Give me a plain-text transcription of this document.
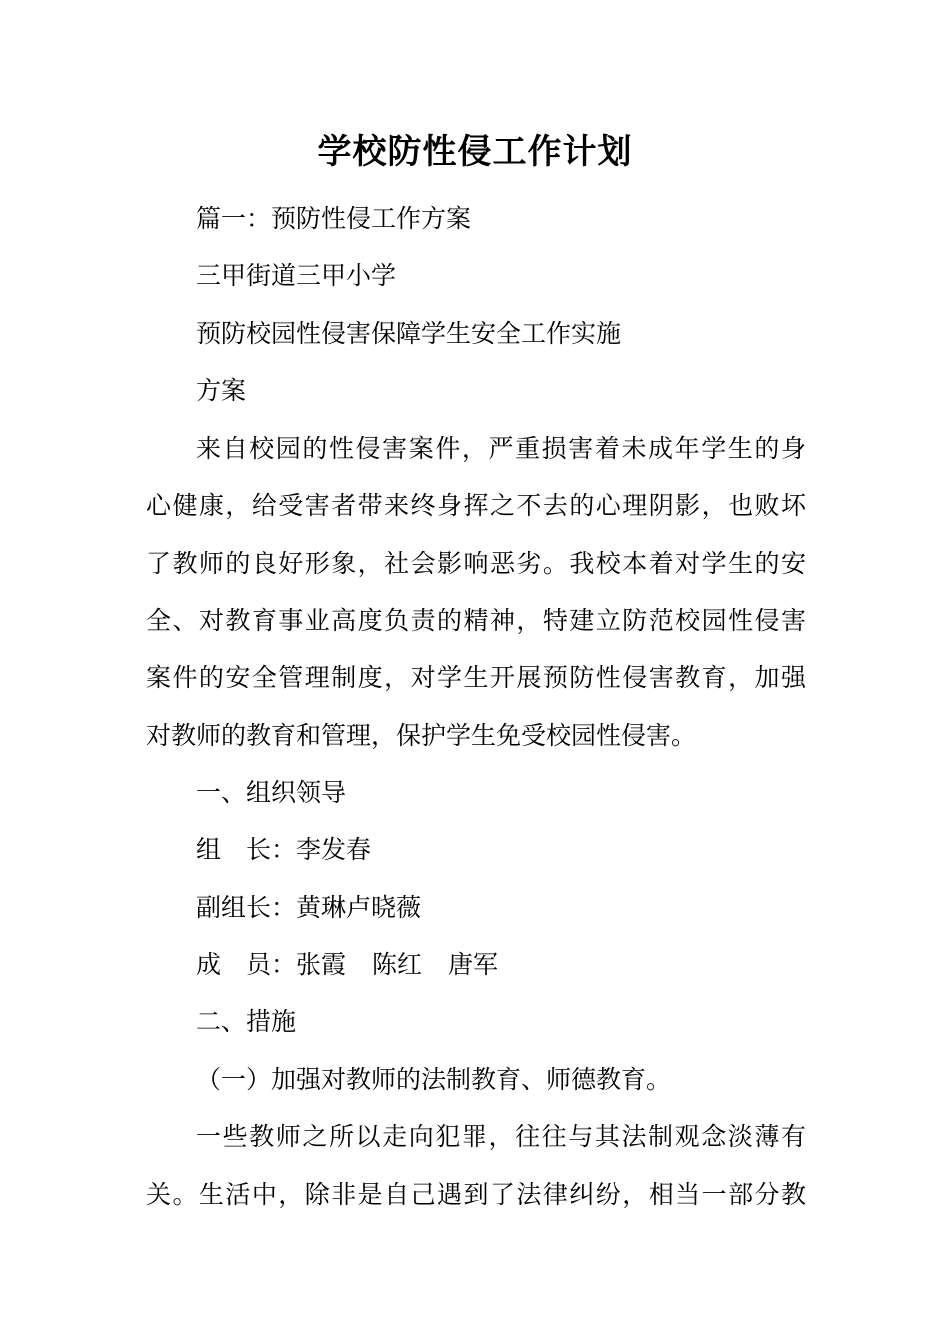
学校防性侵工作计划
篇一：预防性侵工作方案
三甲街道三甲小学
预防校园性侵害保障学生安全工作实施
方案
来自校园的性侵害案件，严重损害着未成年学生的身
心健康，给受害者带来终身挥之不去的心理阴影，也败坏
了教师的良好形象，社会影响恶劣。我校本着对学生的安
全、对教育事业高度负责的精神，特建立防范校园性侵害
案件的安全管理制度，对学生开展预防性侵害教育，加强
对教师的教育和管理，保护学生免受校园性侵害。
一、组织领导
组　长：李发春
副组长：黄琳卢晓薇
成　员：张霞 陈红 唐军
二、措施
（一）加强对教师的法制教育、师德教育。
一些教师之所以走向犯罪，往往与其法制观念淡薄有
关。生活中，除非是自己遇到了法律纠纷，相当一部分教
